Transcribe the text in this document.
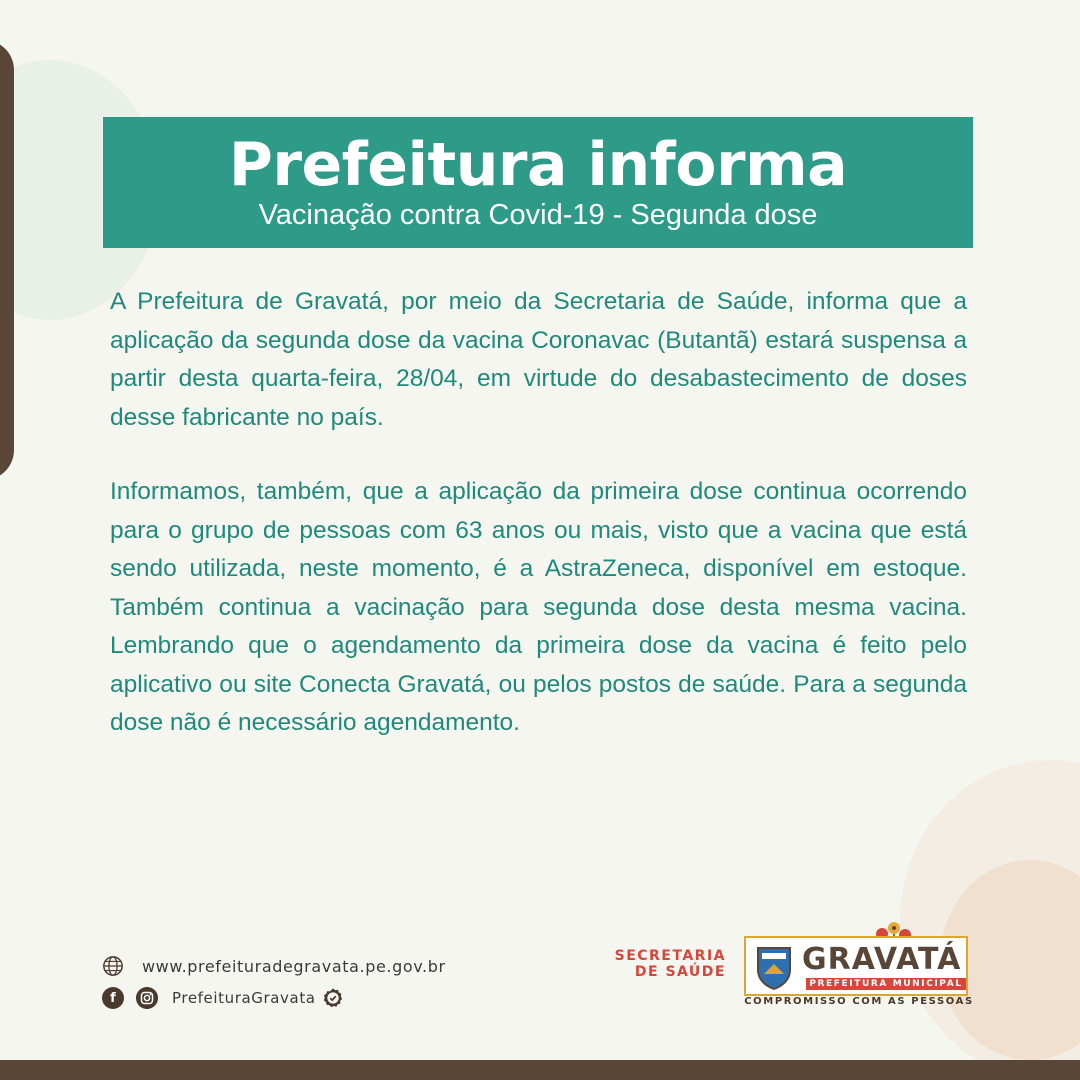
Prefeitura informa
Vacinação contra Covid-19 - Segunda dose

A Prefeitura de Gravatá, por meio da Secretaria de Saúde, informa que a aplicação da segunda dose da vacina Coronavac (Butantã) estará suspensa a partir desta quarta-feira, 28/04, em virtude do desabastecimento de doses desse fabricante no país.

Informamos, também, que a aplicação da primeira dose continua ocorrendo para o grupo de pessoas com 63 anos ou mais, visto que a vacina que está sendo utilizada, neste momento, é a AstraZeneca, disponível em estoque. Também continua a vacinação para segunda dose desta mesma vacina. Lembrando que o agendamento da primeira dose da vacina é feito pelo aplicativo ou site Conecta Gravatá, ou pelos postos de saúde. Para a segunda dose não é necessário agendamento.

www.prefeituradegravata.pe.gov.br
f	PrefeituraGravata
SECRETARIA
DE SAÚDE	GRAVATÁ
PREFEITURA MUNICIPAL
COMPROMISSO COM AS PESSOAS
